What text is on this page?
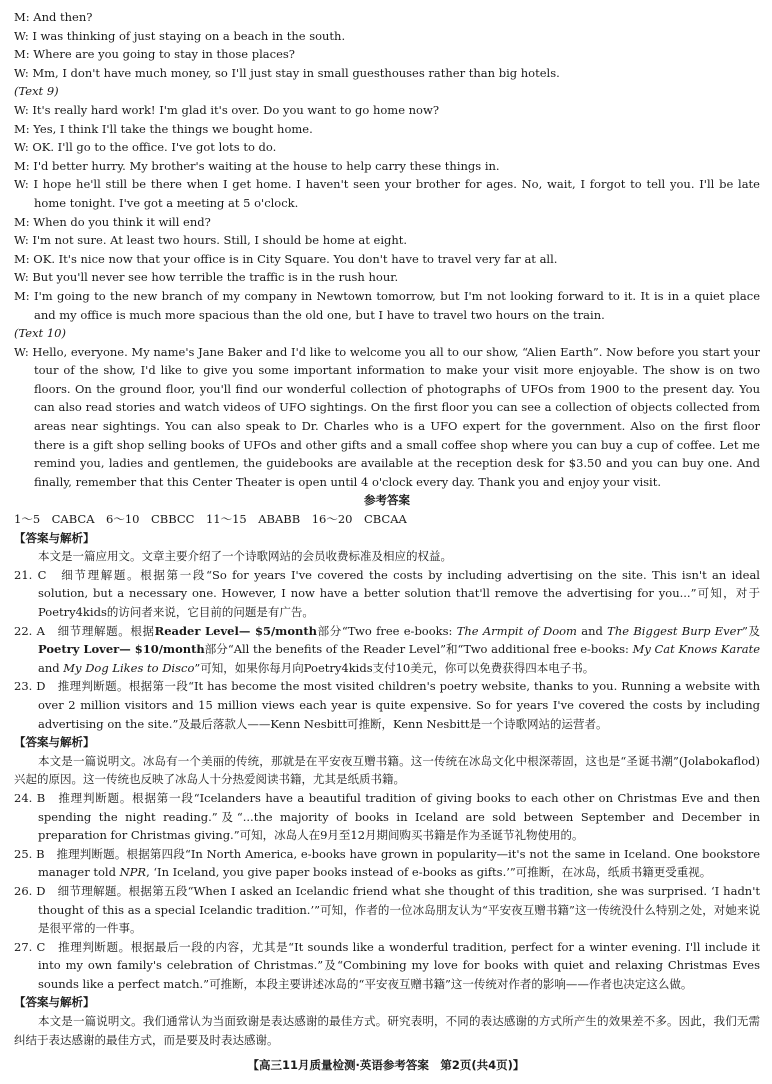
M: And then?
W: I was thinking of just staying on a beach in the south.
M: Where are you going to stay in those places?
W: Mm, I don't have much money, so I'll just stay in small guesthouses rather than big hotels.
(Text 9)
W: It's really hard work! I'm glad it's over. Do you want to go home now?
M: Yes, I think I'll take the things we bought home.
W: OK. I'll go to the office. I've got lots to do.
M: I'd better hurry. My brother's waiting at the house to help carry these things in.
W: I hope he'll still be there when I get home. I haven't seen your brother for ages. No, wait, I forgot to tell you. I'll be late home tonight. I've got a meeting at 5 o'clock.
M: When do you think it will end?
W: I'm not sure. At least two hours. Still, I should be home at eight.
M: OK. It's nice now that your office is in City Square. You don't have to travel very far at all.
W: But you'll never see how terrible the traffic is in the rush hour.
M: I'm going to the new branch of my company in Newtown tomorrow, but I'm not looking forward to it. It is in a quiet place and my office is much more spacious than the old one, but I have to travel two hours on the train.
(Text 10)
W: Hello, everyone. My name's Jane Baker and I'd like to welcome you all to our show, “Alien Earth”. Now before you start your tour of the show, I'd like to give you some important information to make your visit more enjoyable. The show is on two floors. On the ground floor, you'll find our wonderful collection of photographs of UFOs from 1900 to the present day. You can also read stories and watch videos of UFO sightings. On the first floor you can see a collection of objects collected from areas near sightings. You can also speak to Dr. Charles who is a UFO expert for the government. Also on the first floor there is a gift shop selling books of UFOs and other gifts and a small coffee shop where you can buy a cup of coffee. Let me remind you, ladies and gentlemen, the guidebooks are available at the reception desk for $3.50 and you can buy one. And finally, remember that this Center Theater is open until 4 o'clock every day. Thank you and enjoy your visit.
参考答案
1～5　CABCA　6～10　CBBCC　11～15　ABABB　16～20　CBCAA
【答案与解析】
本文是一篇应用文。文章主要介绍了一个诗歌网站的会员收费标准及相应的权益。
21. C　细节理解题。根据第一段“So for years I've covered the costs by including advertising on the site. This isn't an ideal solution, but a necessary one. However, I now have a better solution that'll remove the advertising for you...”可知，对于Poetry4kids的访问者来说，它目前的问题是有广告。
22. A　细节理解题。根据Reader Level— $5/month部分“Two free e-books: The Armpit of Doom and The Biggest Burp Ever”及Poetry Lover— $10/month部分“All the benefits of the Reader Level”和“Two additional free e-books: My Cat Knows Karate and My Dog Likes to Disco”可知，如果你每月向Poetry4kids支付10美元，你可以免费获得四本电子书。
23. D　推理判断题。根据第一段“It has become the most visited children's poetry website, thanks to you. Running a website with over 2 million visitors and 15 million views each year is quite expensive. So for years I've covered the costs by including advertising on the site.”及最后落款人——Kenn Nesbitt可推断，Kenn Nesbitt是一个诗歌网站的运营者。
【答案与解析】
本文是一篇说明文。冰岛有一个美丽的传统，那就是在平安夜互赠书籍。这一传统在冰岛文化中根深蒂固，这也是“圣诞书潮”(Jolabokaflod)兴起的原因。这一传统也反映了冰岛人十分热爱阅读书籍，尤其是纸质书籍。
24. B　推理判断题。根据第一段“Icelanders have a beautiful tradition of giving books to each other on Christmas Eve and then spending the night reading.”及“...the majority of books in Iceland are sold between September and December in preparation for Christmas giving.”可知，冰岛人在9月至12月期间购买书籍是作为圣诞节礼物使用的。
25. B　推理判断题。根据第四段“In North America, e-books have grown in popularity—it's not the same in Iceland. One bookstore manager told NPR, ‘In Iceland, you give paper books instead of e-books as gifts.’”可推断，在冰岛，纸质书籍更受重视。
26. D　细节理解题。根据第五段“When I asked an Icelandic friend what she thought of this tradition, she was surprised. ‘I hadn't thought of this as a special Icelandic tradition.’”可知，作者的一位冰岛朋友认为“平安夜互赠书籍”这一传统没什么特别之处，对她来说是很平常的一件事。
27. C　推理判断题。根据最后一段的内容，尤其是“It sounds like a wonderful tradition, perfect for a winter evening. I'll include it into my own family's celebration of Christmas.”及“Combining my love for books with quiet and relaxing Christmas Eves sounds like a perfect match.”可推断，本段主要讲述冰岛的“平安夜互赠书籍”这一传统对作者的影响——作者也决定这么做。
【答案与解析】
本文是一篇说明文。我们通常认为当面致谢是表达感谢的最佳方式。研究表明，不同的表达感谢的方式所产生的效果差不多。因此，我们无需纠结于表达感谢的最佳方式，而是要及时表达感谢。
【高三11月质量检测·英语参考答案　第2页(共4页)】
